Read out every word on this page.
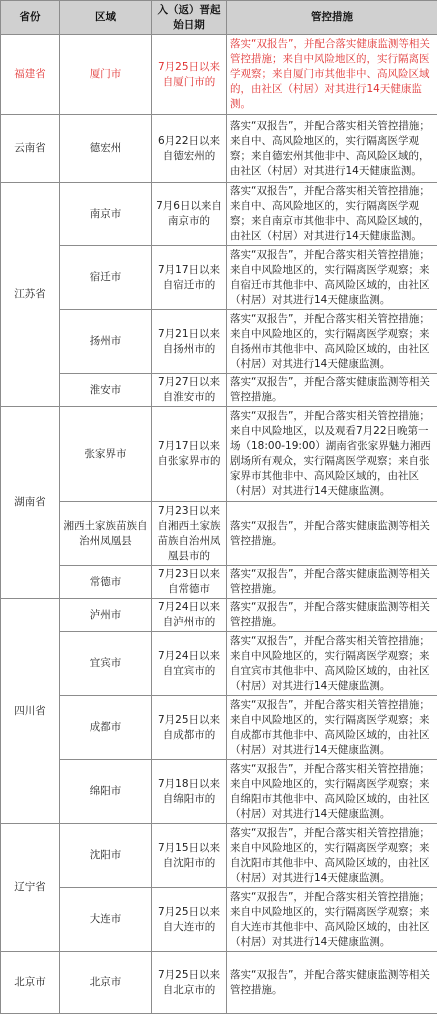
省份	区域	入（返）晋起始日期	管控措施
福建省	厦门市	7月25日以来自厦门市的	落实“双报告”，并配合落实健康监测等相关管控措施；来自中风险地区的，实行隔离医学观察；来自厦门市其他非中、高风险区域的，由社区（村居）对其进行14天健康监测。
云南省	德宏州	6月22日以来自德宏州的	落实“双报告”，并配合落实相关管控措施；来自中、高风险地区的，实行隔离医学观察；来自德宏州其他非中、高风险区域的，由社区（村居）对其进行14天健康监测。
江苏省	南京市	7月6日以来自南京市的	落实“双报告”，并配合落实相关管控措施；来自中、高风险地区的，实行隔离医学观察；来自南京市其他非中、高风险区域的，由社区（村居）对其进行14天健康监测。
	宿迁市	7月17日以来自宿迁市的	落实“双报告”，并配合落实相关管控措施；来自中风险地区的，实行隔离医学观察；来自宿迁市其他非中、高风险区域的，由社区（村居）对其进行14天健康监测。
	扬州市	7月21日以来自扬州市的	落实“双报告”，并配合落实相关管控措施；来自中风险地区的，实行隔离医学观察；来自扬州市其他非中、高风险区域的，由社区（村居）对其进行14天健康监测。
	淮安市	7月27日以来自淮安市的	落实“双报告”，并配合落实健康监测等相关管控措施。
湖南省	张家界市	7月17日以来自张家界市的	落实“双报告”，并配合落实相关管控措施；来自中风险地区，以及观看7月22日晚第一场（18:00-19:00）湖南省张家界魅力湘西剧场所有观众，实行隔离医学观察；来自张家界市其他非中、高风险区域的，由社区（村居）对其进行14天健康监测。
	湘西土家族苗族自治州凤凰县	7月23日以来自湘西土家族苗族自治州凤凰县市的	落实“双报告”，并配合落实健康监测等相关管控措施。
	常德市	7月23日以来自常德市	落实“双报告”，并配合落实健康监测等相关管控措施。
四川省	泸州市	7月24日以来自泸州市的	落实“双报告”，并配合落实健康监测等相关管控措施。
	宜宾市	7月24日以来自宜宾市的	落实“双报告”，并配合落实相关管控措施；来自中风险地区的，实行隔离医学观察；来自宜宾市其他非中、高风险区域的，由社区（村居）对其进行14天健康监测。
	成都市	7月25日以来自成都市的	落实“双报告”，并配合落实相关管控措施；来自中风险地区的，实行隔离医学观察；来自成都市其他非中、高风险区域的，由社区（村居）对其进行14天健康监测。
	绵阳市	7月18日以来自绵阳市的	落实“双报告”，并配合落实相关管控措施；来自中风险地区的，实行隔离医学观察；来自绵阳市其他非中、高风险区域的，由社区（村居）对其进行14天健康监测。
辽宁省	沈阳市	7月15日以来自沈阳市的	落实“双报告”，并配合落实相关管控措施；来自中风险地区的，实行隔离医学观察；来自沈阳市其他非中、高风险区域的，由社区（村居）对其进行14天健康监测。
	大连市	7月25日以来自大连市的	落实“双报告”，并配合落实相关管控措施；来自中风险地区的，实行隔离医学观察；来自大连市其他非中、高风险区域的，由社区（村居）对其进行14天健康监测。
北京市	北京市	7月25日以来自北京市的	落实“双报告”，并配合落实健康监测等相关管控措施。
